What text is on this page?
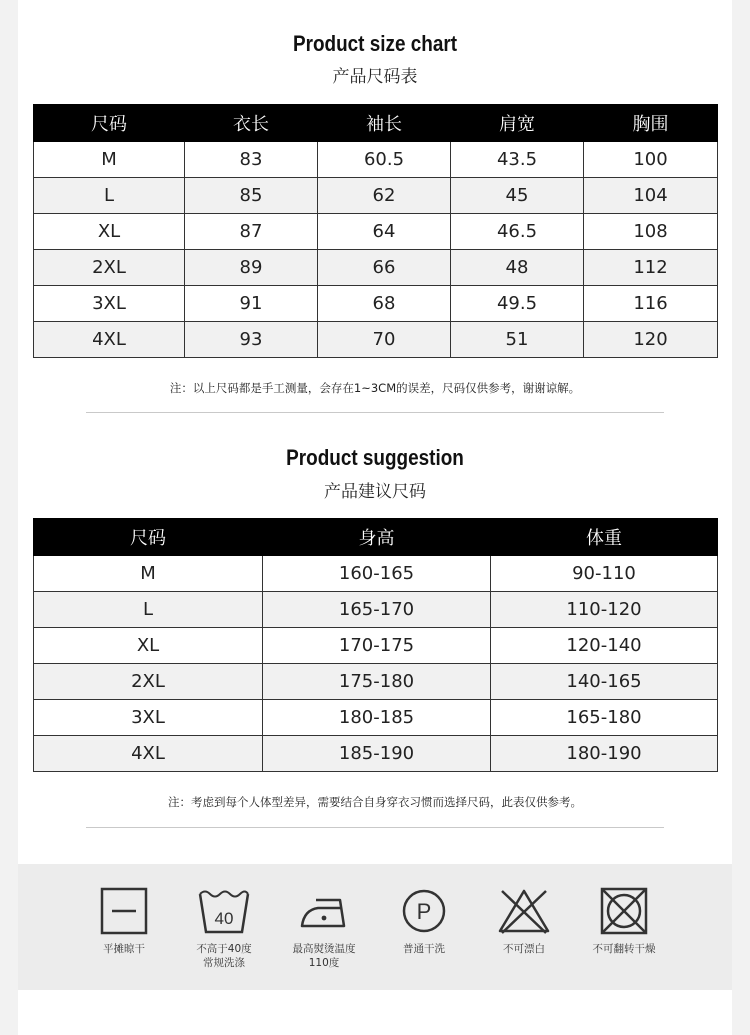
Product size chart
产品尺码表
尺码	衣长	袖长	肩宽	胸围
M	83	60.5	43.5	100
L	85	62	45	104
XL	87	64	46.5	108
2XL	89	66	48	112
3XL	91	68	49.5	116
4XL	93	70	51	120
注：以上尺码都是手工测量，会存在1~3CM的误差，尺码仅供参考，谢谢谅解。
Product suggestion
产品建议尺码
尺码	身高	体重
M	160-165	90-110
L	165-170	110-120
XL	170-175	120-140
2XL	175-180	140-165
3XL	180-185	165-180
4XL	185-190	180-190
注：考虑到每个人体型差异，需要结合自身穿衣习惯而选择尺码，此表仅供参考。
平摊晾干
40
不高于40度
常规洗涤
最高熨烫温度
110度
P
普通干洗	不可漂白	不可翻转干燥
